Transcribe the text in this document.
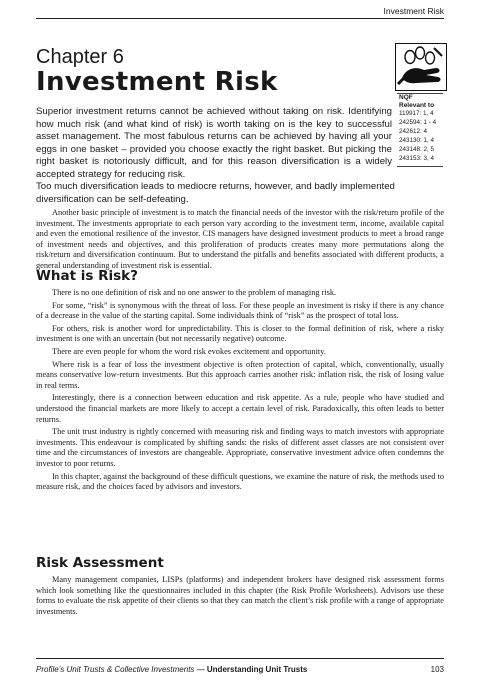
Investment Risk
Chapter 6
Investment Risk
NQF
Relevant to
119917: 1, 4
242594: 1 - 4
242612: 4
243130: 1, 4
243148: 2, 5
243153: 3, 4

Superior investment returns cannot be achieved without taking on risk. Identifying how much risk (and what kind of risk) is worth taking on is the key to successful asset management. The most fabulous returns can be achieved by having all your eggs in one basket – provided you choose exactly the right basket. But picking the right basket is notoriously difficult, and for this reason diversification is a widely accepted strategy for reducing risk.

Too much diversification leads to mediocre returns, however, and badly implemented diversification can be self-defeating.

Another basic principle of investment is to match the financial needs of the investor with the risk/return profile of the investment. The investments appropriate to each person vary according to the investment term, income, available capital and even the emotional resilience of the investor. CIS managers have designed investment products to meet a broad range of investment needs and objectives, and this proliferation of products creates many more permutations along the risk/return and diversification continuum. But to understand the pitfalls and benefits associated with different products, a general understanding of investment risk is essential.

What is Risk?

There is no one definition of risk and no one answer to the problem of managing risk.

For some, “risk” is synonymous with the threat of loss. For these people an investment is risky if there is any chance of a decrease in the value of the starting capital. Some individuals think of “risk” as the prospect of total loss.

For others, risk is another word for unpredictability. This is closer to the formal definition of risk, where a risky investment is one with an uncertain (but not necessarily negative) outcome.

There are even people for whom the word risk evokes excitement and opportunity.

Where risk is a fear of loss the investment objective is often protection of capital, which, conventionally, usually means conservative low-return investments. But this approach carries another risk: inflation risk, the risk of losing value in real terms.

Interestingly, there is a connection between education and risk appetite. As a rule, people who have studied and understood the financial markets are more likely to accept a certain level of risk. Paradoxically, this often leads to better returns.

The unit trust industry is rightly concerned with measuring risk and finding ways to match investors with appropriate investments. This endeavour is complicated by shifting sands: the risks of different asset classes are not consistent over time and the circumstances of investors are changeable. Appropriate, conservative investment advice often condemns the investor to poor returns.

In this chapter, against the background of these difficult questions, we examine the nature of risk, the methods used to measure risk, and the choices faced by advisors and investors.

Risk Assessment

Many management companies, LISPs (platforms) and independent brokers have designed risk assessment forms which look something like the questionnaires included in this chapter (the Risk Profile Worksheets). Advisors use these forms to evaluate the risk appetite of their clients so that they can match the client’s risk profile with a range of appropriate investments.

Profile’s Unit Trusts & Collective Investments — Understanding Unit Trusts	103
